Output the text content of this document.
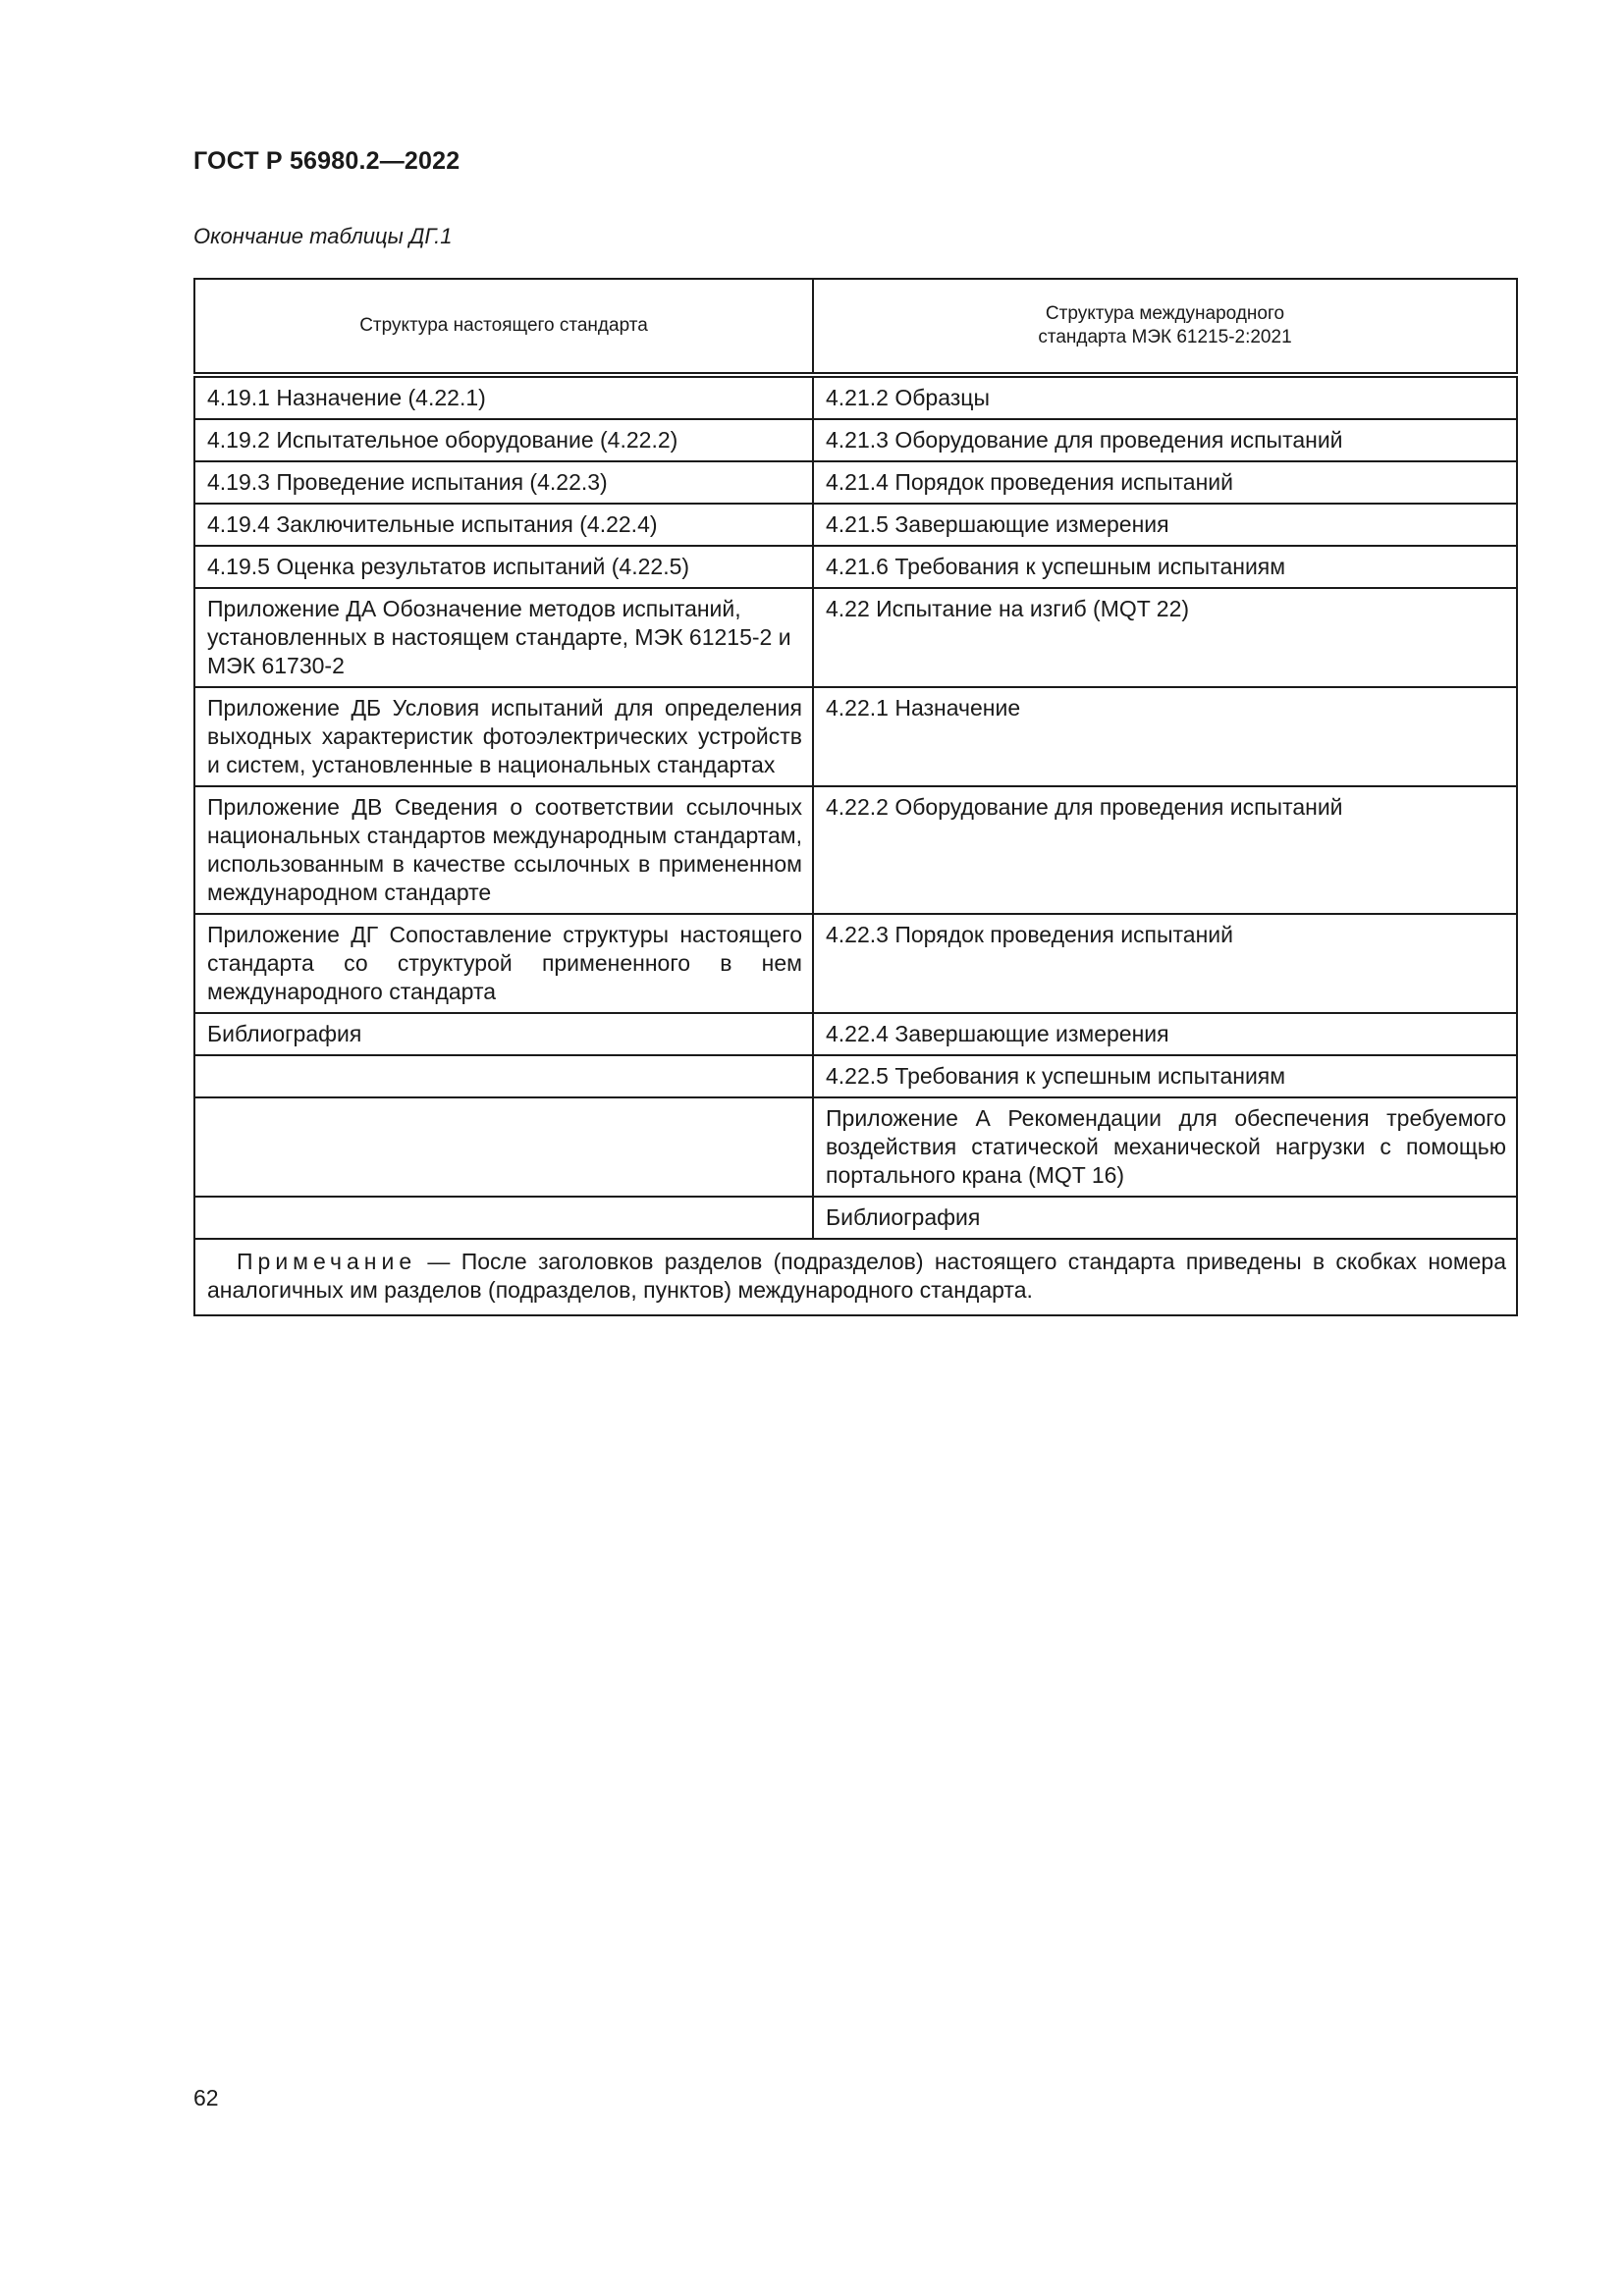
ГОСТ Р 56980.2—2022
Окончание таблицы ДГ.1
Структура настоящего стандарта	Структура международного стандарта МЭК 61215-2:2021

4.19.1 Назначение (4.22.1)	4.21.2 Образцы

4.19.2 Испытательное оборудование (4.22.2)	4.21.3 Оборудование для проведения испытаний

4.19.3 Проведение испытания (4.22.3)	4.21.4 Порядок проведения испытаний

4.19.4 Заключительные испытания (4.22.4)	4.21.5 Завершающие измерения

4.19.5 Оценка результатов испытаний (4.22.5)	4.21.6 Требования к успешным испытаниям

Приложение ДА Обозначение методов испытаний, установленных в настоящем стандарте, МЭК 61215-2 и МЭК 61730-2	4.22 Испытание на изгиб (MQT 22)

Приложение ДБ Условия испытаний для определения выходных характеристик фотоэлектрических устройств и систем, установленные в национальных стандартах	4.22.1 Назначение

Приложение ДВ Сведения о соответствии ссылочных национальных стандартов международным стандартам, использованным в качестве ссылочных в примененном международном стандарте	4.22.2 Оборудование для проведения испытаний

Приложение ДГ Сопоставление структуры настоящего стандарта со структурой примененного в нем международного стандарта	4.22.3 Порядок проведения испытаний

Библиография	4.22.4 Завершающие измерения

	4.22.5 Требования к успешным испытаниям

	Приложение А Рекомендации для обеспечения требуемого воздействия статической механической нагрузки с помощью портального крана (MQT 16)

	Библиография

Примечание — После заголовков разделов (подразделов) настоящего стандарта приведены в скобках номера аналогичных им разделов (подразделов, пунктов) международного стандарта.	
62
